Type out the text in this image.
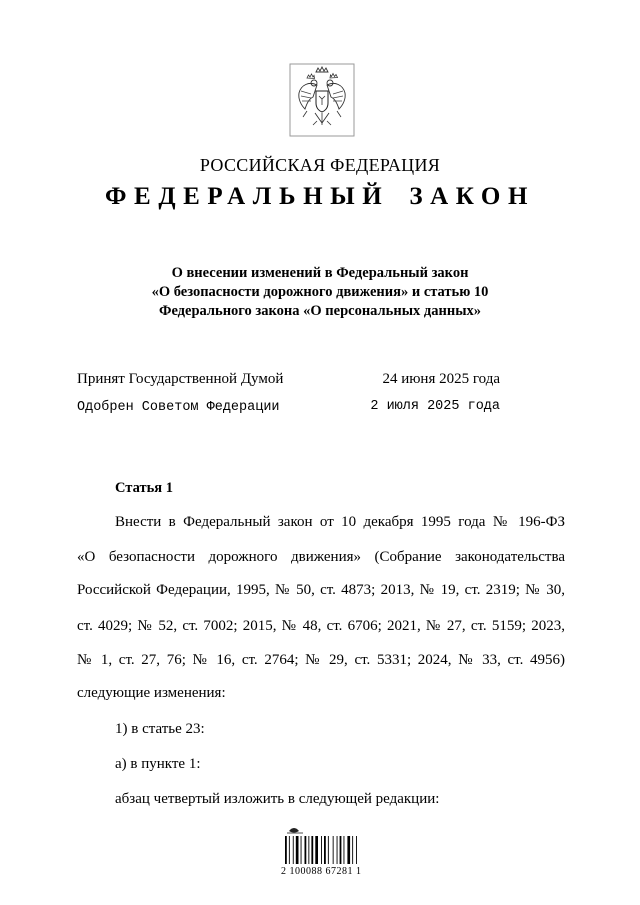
РОССИЙСКАЯ ФЕДЕРАЦИЯ
ФЕДЕРАЛЬНЫЙ ЗАКОН
О внесении изменений в Федеральный закон
«О безопасности дорожного движения» и статью 10
Федерального закона «О персональных данных»
Принят Государственной Думой	24 июня 2025 года
Одобрен Советом Федерации	2 июля 2025 года
Статья 1
Внести в Федеральный закон от 10 декабря 1995 года № 196-ФЗ
«О безопасности дорожного движения» (Собрание законодательства
Российской Федерации, 1995, № 50, ст. 4873; 2013, № 19, ст. 2319; № 30,
ст. 4029; № 52, ст. 7002; 2015, № 48, ст. 6706; 2021, № 27, ст. 5159; 2023,
№ 1, ст. 27, 76; № 16, ст. 2764; № 29, ст. 5331; 2024, № 33, ст. 4956)
следующие изменения:
1) в статье 23:
а) в пункте 1:
абзац четвертый изложить в следующей редакции:
2 100088 67281 1
